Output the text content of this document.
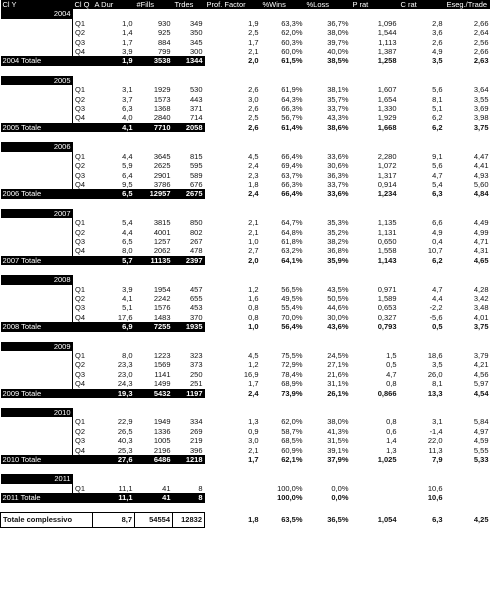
Cl Y	Cl Q	A Dur	#Fills	Trdes	Prof. Factor	%Wins	%Loss	P rat	C rat	Eseg./Trade
2004										
	Q1	1,0	930	349	1,9	63,3%	36,7%	1,096	2,8	2,66
	Q2	1,4	925	350	2,5	62,0%	38,0%	1,544	3,6	2,64
	Q3	1,7	884	345	1,7	60,3%	39,7%	1,113	2,6	2,56
	Q4	3,9	799	300	2,1	60,0%	40,0%	1,387	4,9	2,66
2004 Totale		1,9	3538	1344	2,0	61,5%	38,5%	1,258	3,5	2,63

2005										
	Q1	3,1	1929	530	2,6	61,9%	38,1%	1,607	5,6	3,64
	Q2	3,7	1573	443	3,0	64,3%	35,7%	1,654	8,1	3,55
	Q3	6,3	1368	371	2,6	66,3%	33,7%	1,330	5,1	3,69
	Q4	4,0	2840	714	2,5	56,7%	43,3%	1,929	6,2	3,98
2005 Totale		4,1	7710	2058	2,6	61,4%	38,6%	1,668	6,2	3,75

2006										
	Q1	4,4	3645	815	4,5	66,4%	33,6%	2,280	9,1	4,47
	Q2	5,9	2625	595	2,4	69,4%	30,6%	1,072	5,6	4,41
	Q3	6,4	2901	589	2,3	63,7%	36,3%	1,317	4,7	4,93
	Q4	9,5	3786	676	1,8	66,3%	33,7%	0,914	5,4	5,60
2006 Totale		6,5	12957	2675	2,4	66,4%	33,6%	1,234	6,3	4,84

2007										
	Q1	5,4	3815	850	2,1	64,7%	35,3%	1,135	6,6	4,49
	Q2	4,4	4001	802	2,1	64,8%	35,2%	1,131	4,9	4,99
	Q3	6,5	1257	267	1,0	61,8%	38,2%	0,650	0,4	4,71
	Q4	8,0	2062	478	2,7	63,2%	36,8%	1,558	10,7	4,31
2007 Totale		5,7	11135	2397	2,0	64,1%	35,9%	1,143	6,2	4,65

2008										
	Q1	3,9	1954	457	1,2	56,5%	43,5%	0,971	4,7	4,28
	Q2	4,1	2242	655	1,6	49,5%	50,5%	1,589	4,4	3,42
	Q3	5,1	1576	453	0,8	55,4%	44,6%	0,653	-2,2	3,48
	Q4	17,6	1483	370	0,8	70,0%	30,0%	0,327	-5,6	4,01
2008 Totale		6,9	7255	1935	1,0	56,4%	43,6%	0,793	0,5	3,75

2009										
	Q1	8,0	1223	323	4,5	75,5%	24,5%	1,5	18,6	3,79
	Q2	23,3	1569	373	1,2	72,9%	27,1%	0,5	3,5	4,21
	Q3	23,0	1141	250	16,9	78,4%	21,6%	4,7	26,0	4,56
	Q4	24,3	1499	251	1,7	68,9%	31,1%	0,8	8,1	5,97
2009 Totale		19,3	5432	1197	2,4	73,9%	26,1%	0,866	13,3	4,54

2010										
	Q1	22,9	1949	334	1,3	62,0%	38,0%	0,8	3,1	5,84
	Q2	26,5	1336	269	0,9	58,7%	41,3%	0,6	-1,4	4,97
	Q3	40,3	1005	219	3,0	68,5%	31,5%	1,4	22,0	4,59
	Q4	25,3	2196	396	2,1	60,9%	39,1%	1,3	11,3	5,55
2010 Totale		27,6	6486	1218	1,7	62,1%	37,9%	1,025	7,9	5,33

2011										
	Q1	11,1	41	8		100,0%	0,0%		10,6	
2011 Totale		11,1	41	8		100,0%	0,0%		10,6	

Totale complessivo		8,7	54554	12832	1,8	63,5%	36,5%	1,054	6,3	4,25
